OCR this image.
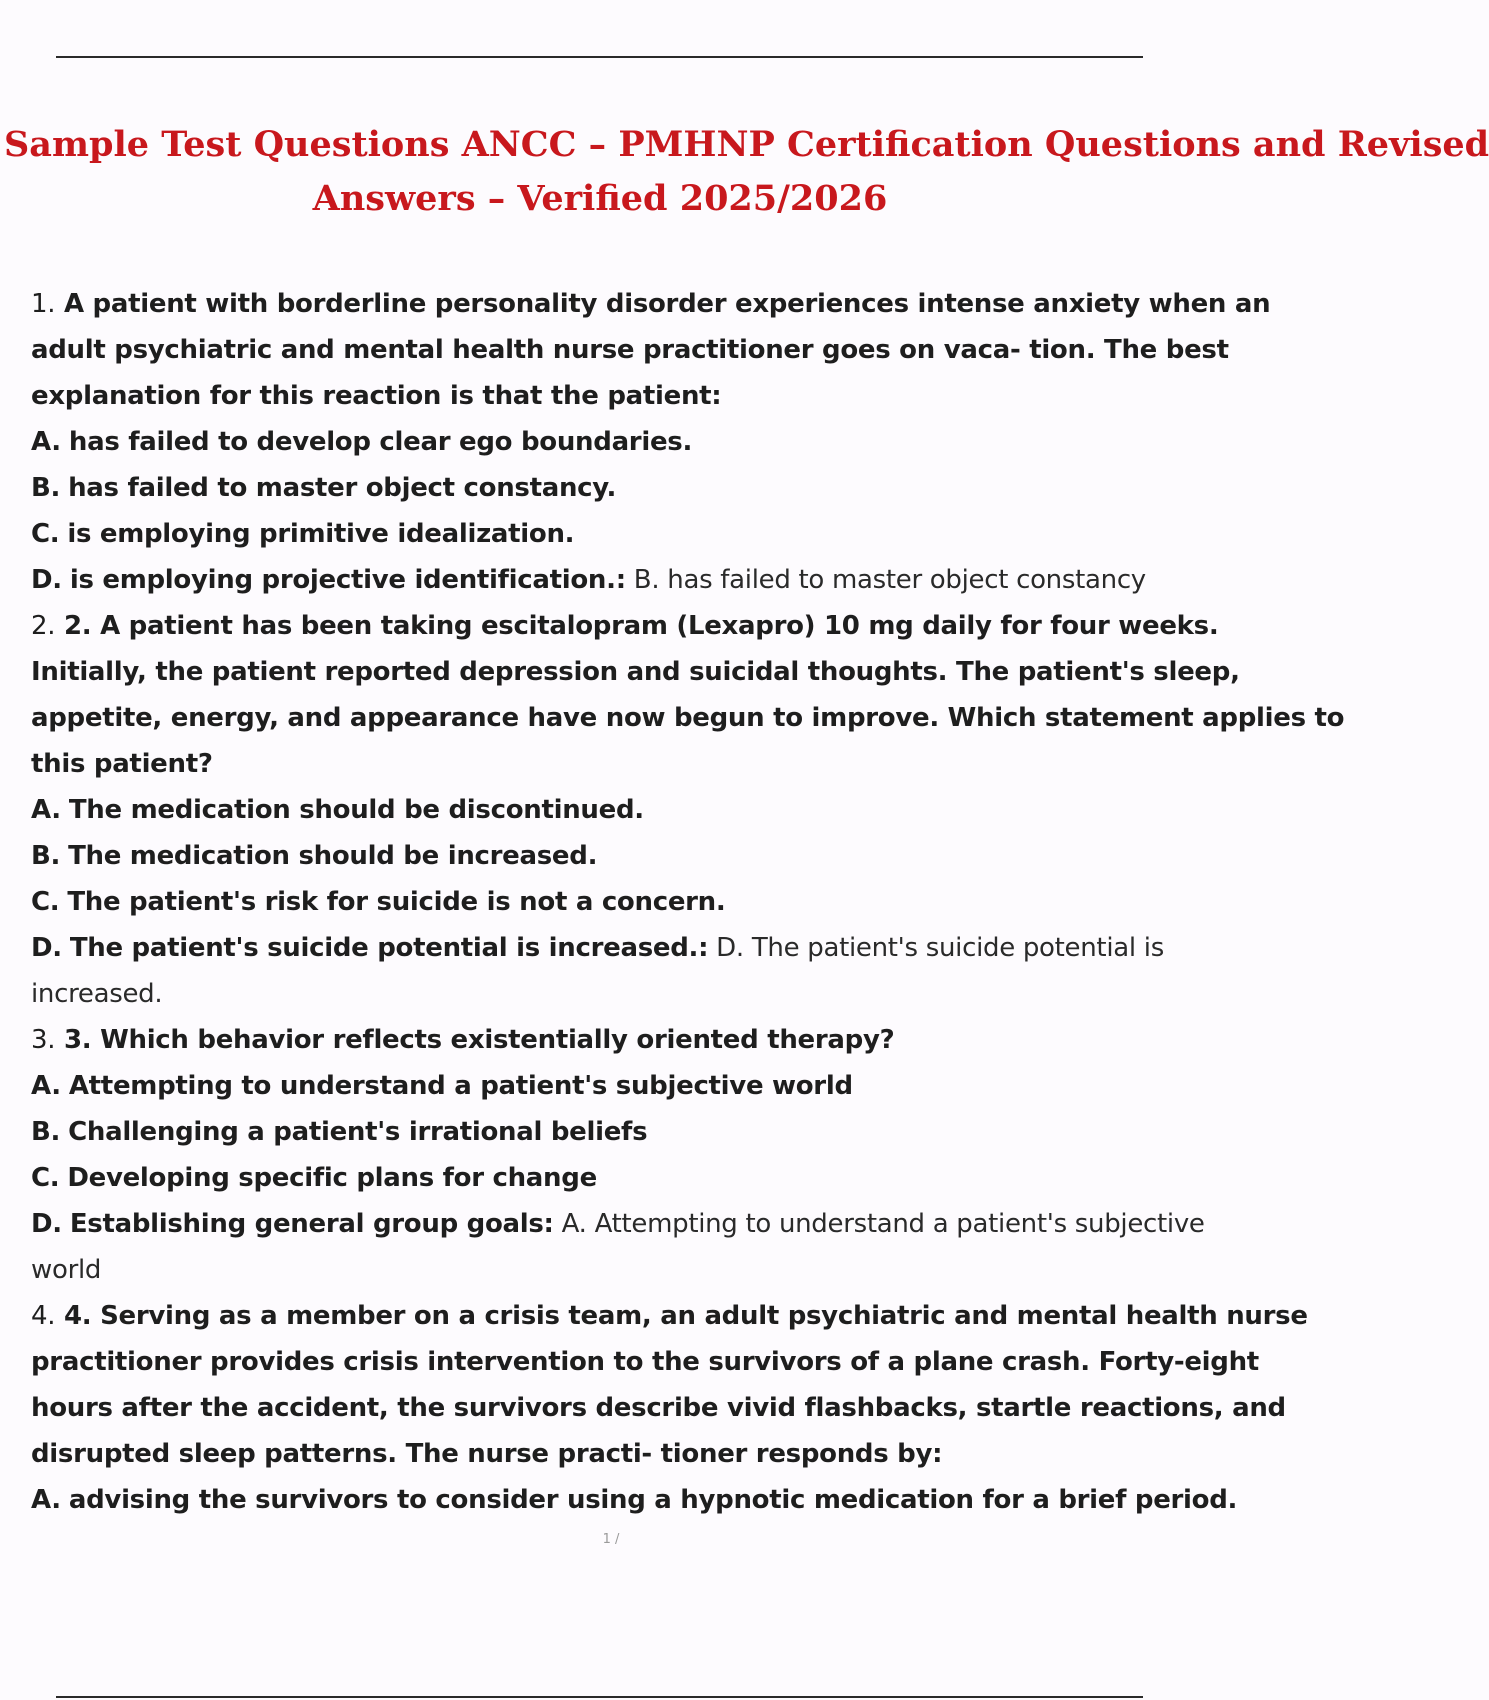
Sample Test Questions ANCC – PMHNP Certification Questions and Revised
Answers – Verified 2025/2026
1. A patient with borderline personality disorder experiences intense anxiety when an
adult psychiatric and mental health nurse practitioner goes on vaca- tion. The best
explanation for this reaction is that the patient:
A. has failed to develop clear ego boundaries.
B. has failed to master object constancy.
C. is employing primitive idealization.
D. is employing projective identification.: B. has failed to master object constancy
2. 2. A patient has been taking escitalopram (Lexapro) 10 mg daily for four weeks.
Initially, the patient reported depression and suicidal thoughts. The patient's sleep,
appetite, energy, and appearance have now begun to improve. Which statement applies to
this patient?
A. The medication should be discontinued.
B. The medication should be increased.
C. The patient's risk for suicide is not a concern.
D. The patient's suicide potential is increased.: D. The patient's suicide potential is
increased.
3. 3. Which behavior reflects existentially oriented therapy?
A. Attempting to understand a patient's subjective world
B. Challenging a patient's irrational beliefs
C. Developing specific plans for change
D. Establishing general group goals: A. Attempting to understand a patient's subjective
world
4. 4. Serving as a member on a crisis team, an adult psychiatric and mental health nurse
practitioner provides crisis intervention to the survivors of a plane crash. Forty-eight
hours after the accident, the survivors describe vivid flashbacks, startle reactions, and
disrupted sleep patterns. The nurse practi- tioner responds by:
A. advising the survivors to consider using a hypnotic medication for a brief period.
1 /
